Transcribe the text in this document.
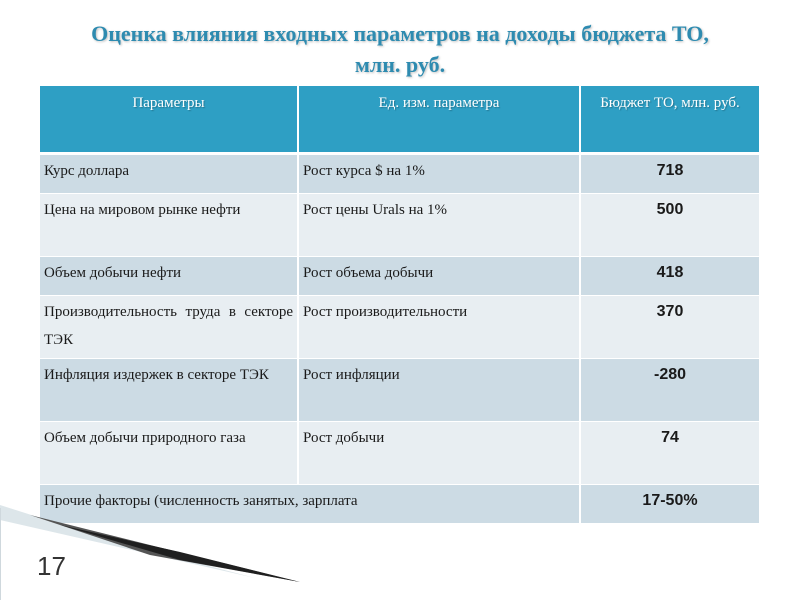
Оценка влияния входных параметров на доходы бюджета ТО,
млн. руб.
Параметры	Ед. изм. параметра	Бюджет ТО, млн. руб.
Курс доллара	Рост курса $ на 1%	718
Цена на мировом рынке нефти	Рост цены Urals на 1%	500
Объем добычи нефти	Рост объема добычи	418
Производительность труда в секторе ТЭК	Рост производительности	370
Инфляция издержек в секторе ТЭК	Рост инфляции	-280
Объем добычи природного газа	Рост добычи	74
Прочие факторы (численность занятых, зарплата		17-50%
17
